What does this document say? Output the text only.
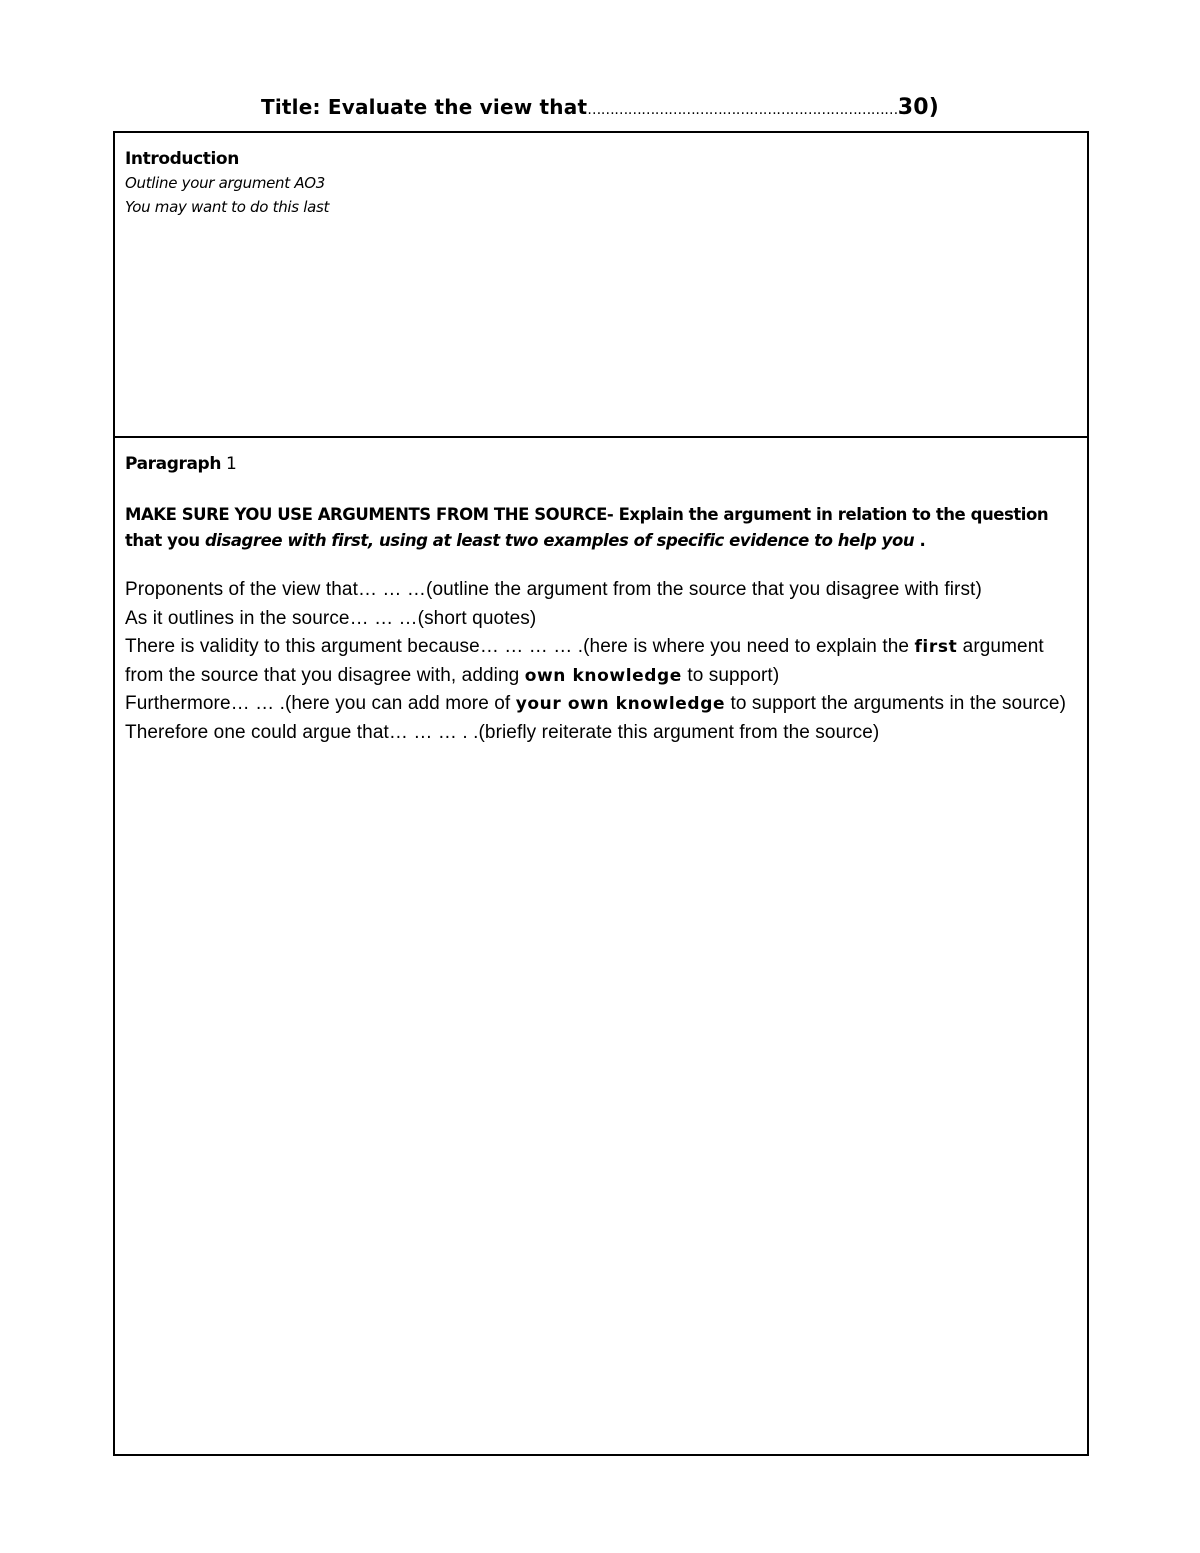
Title: Evaluate the view that……………………………………………………………30)
Introduction
Outline your argument AO3
You may want to do this last
Paragraph 1
MAKE SURE YOU USE ARGUMENTS FROM THE SOURCE- Explain the argument in relation to the question that you disagree with first, using at least two examples of specific evidence to help you .
Proponents of the view that… … …(outline the argument from the source that you disagree with first)
As it outlines in the source… … …(short quotes)
There is validity to this argument because… … … … .(here is where you need to explain the first argument from the source that you disagree with, adding own knowledge to support)
Furthermore… … .(here you can add more of your own knowledge to support the arguments in the source)
Therefore one could argue that… … … . .(briefly reiterate this argument from the source)
